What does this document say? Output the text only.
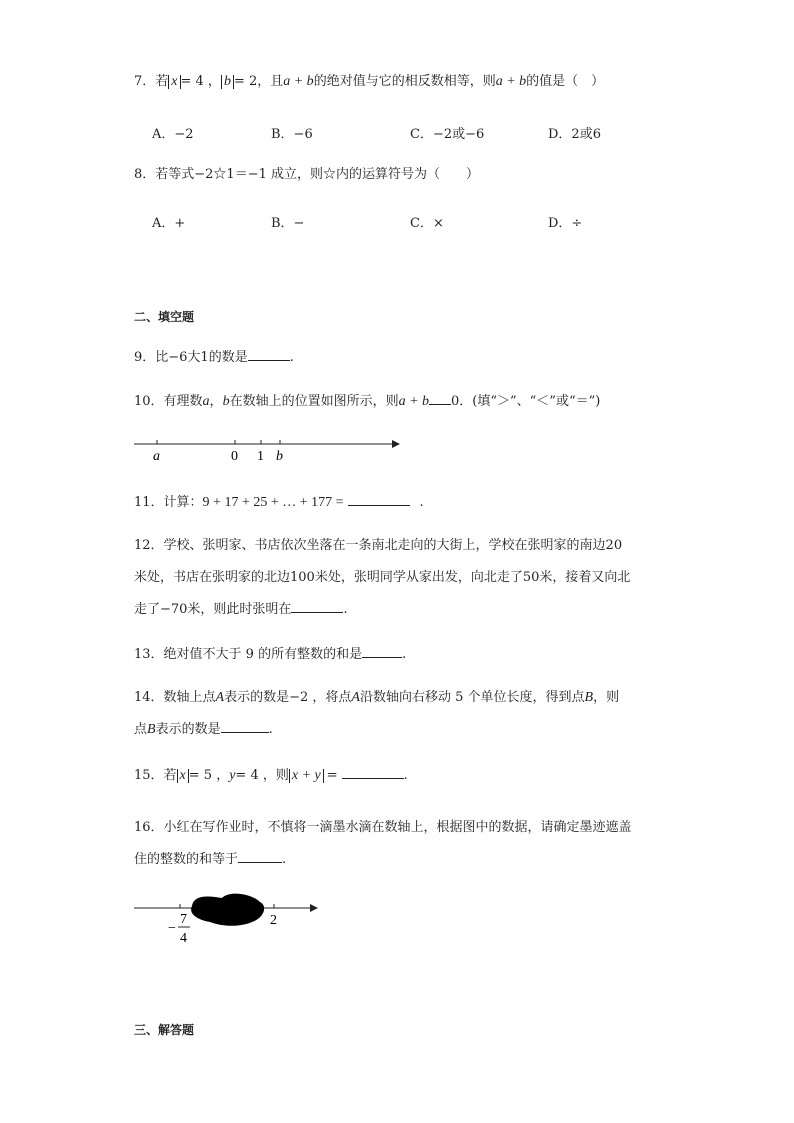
7．若 x = 4 ， b = 2，且a + b的绝对值与它的相反数相等，则a + b的值是（　）
A．−2	B．−6	C．−2或−6	D．2或6
8．若等式−2☆1＝−1 成立，则☆内的运算符号为（　　）
A．+	B．−	C．×	D．÷
二、填空题
9．比−6大1的数是	.
10．有理数a，b在数轴上的位置如图所示，则a + b 0．(填“＞”、“＜”或“＝”)
a	0 1 b
11．计算：9 + 17 + 25 + … + 177 =	.
12．学校、张明家、书店依次坐落在一条南北走向的大街上，学校在张明家的南边20
米处，书店在张明家的北边100米处，张明同学从家出发，向北走了50米，接着又向北
走了−70米，则此时张明在	.
13．绝对值不大于 9 的所有整数的和是	.
14．数轴上点A表示的数是−2 ，将点A沿数轴向右移动 5 个单位长度，得到点B，则
点B表示的数是	.
15．若 x = 5 ，y= 4 ，则 x + y =	.
16．小红在写作业时，不慎将一滴墨水滴在数轴上，根据图中的数据，请确定墨迹遮盖
住的整数的和等于	.
−
7
4
2
三、解答题
